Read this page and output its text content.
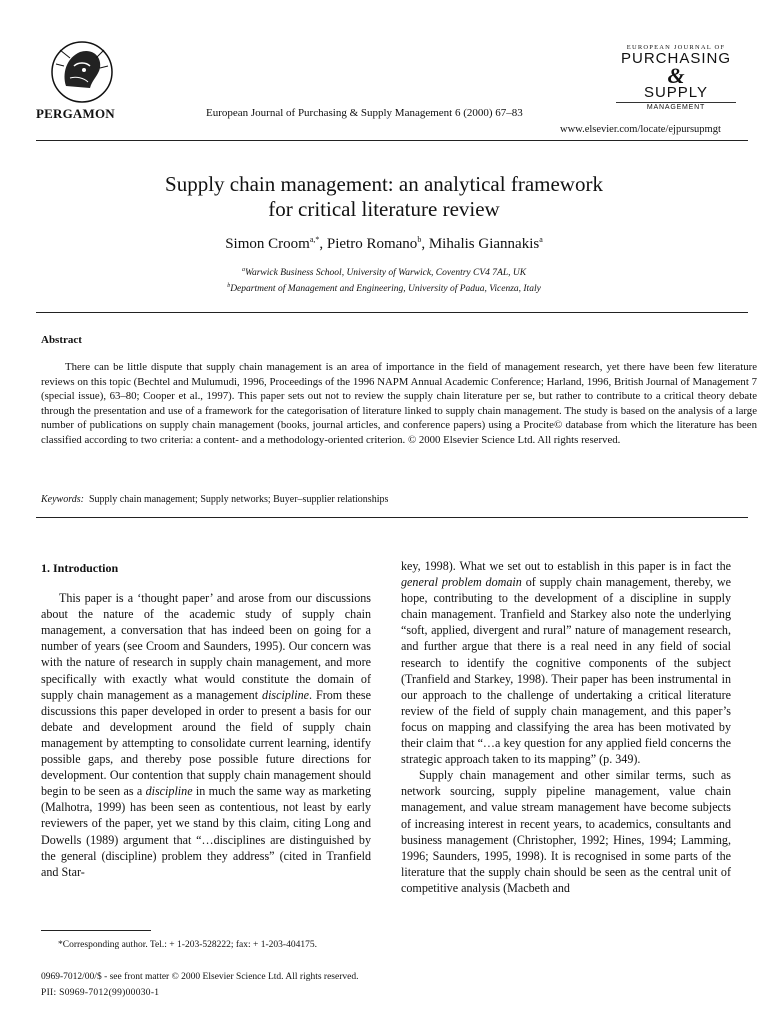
PERGAMON	European Journal of Purchasing & Supply Management 6 (2000) 67–83
EUROPEAN JOURNAL OF
PURCHASING
&
SUPPLY
MANAGEMENT
www.elsevier.com/locate/ejpursupmgt
Supply chain management: an analytical framework
for critical literature review
Simon Croom$^{a,*}$, Pietro Romano$^b$, Mihalis Giannakis$^a$
$^a$Warwick Business School, University of Warwick, Coventry CV4 7AL, UK
$^b$Department of Management and Engineering, University of Padua, Vicenza, Italy
Abstract

There can be little dispute that supply chain management is an area of importance in the field of management research, yet there have been few literature reviews on this topic (Bechtel and Mulumudi, 1996, Proceedings of the 1996 NAPM Annual Academic Conference; Harland, 1996, British Journal of Management 7 (special issue), 63–80; Cooper et al., 1997). This paper sets out not to review the supply chain literature per se, but rather to contribute to a critical theory debate through the presentation and use of a framework for the categorisation of literature linked to supply chain management. The study is based on the analysis of a large number of publications on supply chain management (books, journal articles, and conference papers) using a Procite© database from which the literature has been classified according to two criteria: a content- and a methodology-oriented criterion. © 2000 Elsevier Science Ltd. All rights reserved.

Keywords: Supply chain management; Supply networks; Buyer–supplier relationships
1. Introduction

This paper is a ‘thought paper’ and arose from our discussions about the nature of the academic study of supply chain management, a conversation that has indeed been on going for a number of years (see Croom and Saunders, 1995). Our concern was with the nature of research in supply chain management, and more specifically with exactly what would constitute the domain of supply chain management as a management discipline. From these discussions this paper developed in order to present a basis for our debate and development around the field of supply chain management by attempting to consolidate current learning, identify possible gaps, and thereby pose possible future directions for development. Our contention that supply chain management should begin to be seen as a discipline in much the same way as marketing (Malhotra, 1999) has been seen as contentious, not least by early reviewers of the paper, yet we stand by this claim, citing Long and Dowells (1989) argument that “…disciplines are distinguished by the general (discipline) problem they address” (cited in Tranfield and Star-

key, 1998). What we set out to establish in this paper is in fact the general problem domain of supply chain management, thereby, we hope, contributing to the development of a discipline in supply chain management. Tranfield and Starkey also note the underlying “soft, applied, divergent and rural” nature of management research, and further argue that there is a real need in any field of social research to identify the cognitive components of the subject (Tranfield and Starkey, 1998). Their paper has been instrumental in our approach to the challenge of undertaking a critical literature review of the field of supply chain management, and this paper’s focus on mapping and classifying the area has been motivated by their claim that “…a key question for any applied field concerns the strategic approach taken to its mapping” (p. 349).

Supply chain management and other similar terms, such as network sourcing, supply pipeline management, value chain management, and value stream management have become subjects of increasing interest in recent years, to academics, consultants and business management (Christopher, 1992; Hines, 1994; Lamming, 1996; Saunders, 1995, 1998). It is recognised in some parts of the literature that the supply chain should be seen as the central unit of competitive analysis (Macbeth and

*Corresponding author. Tel.: + 1-203-528222; fax: + 1-203-404175.
0969-7012/00/$ - see front matter © 2000 Elsevier Science Ltd. All rights reserved.
PII: S0969-7012(99)00030-1
